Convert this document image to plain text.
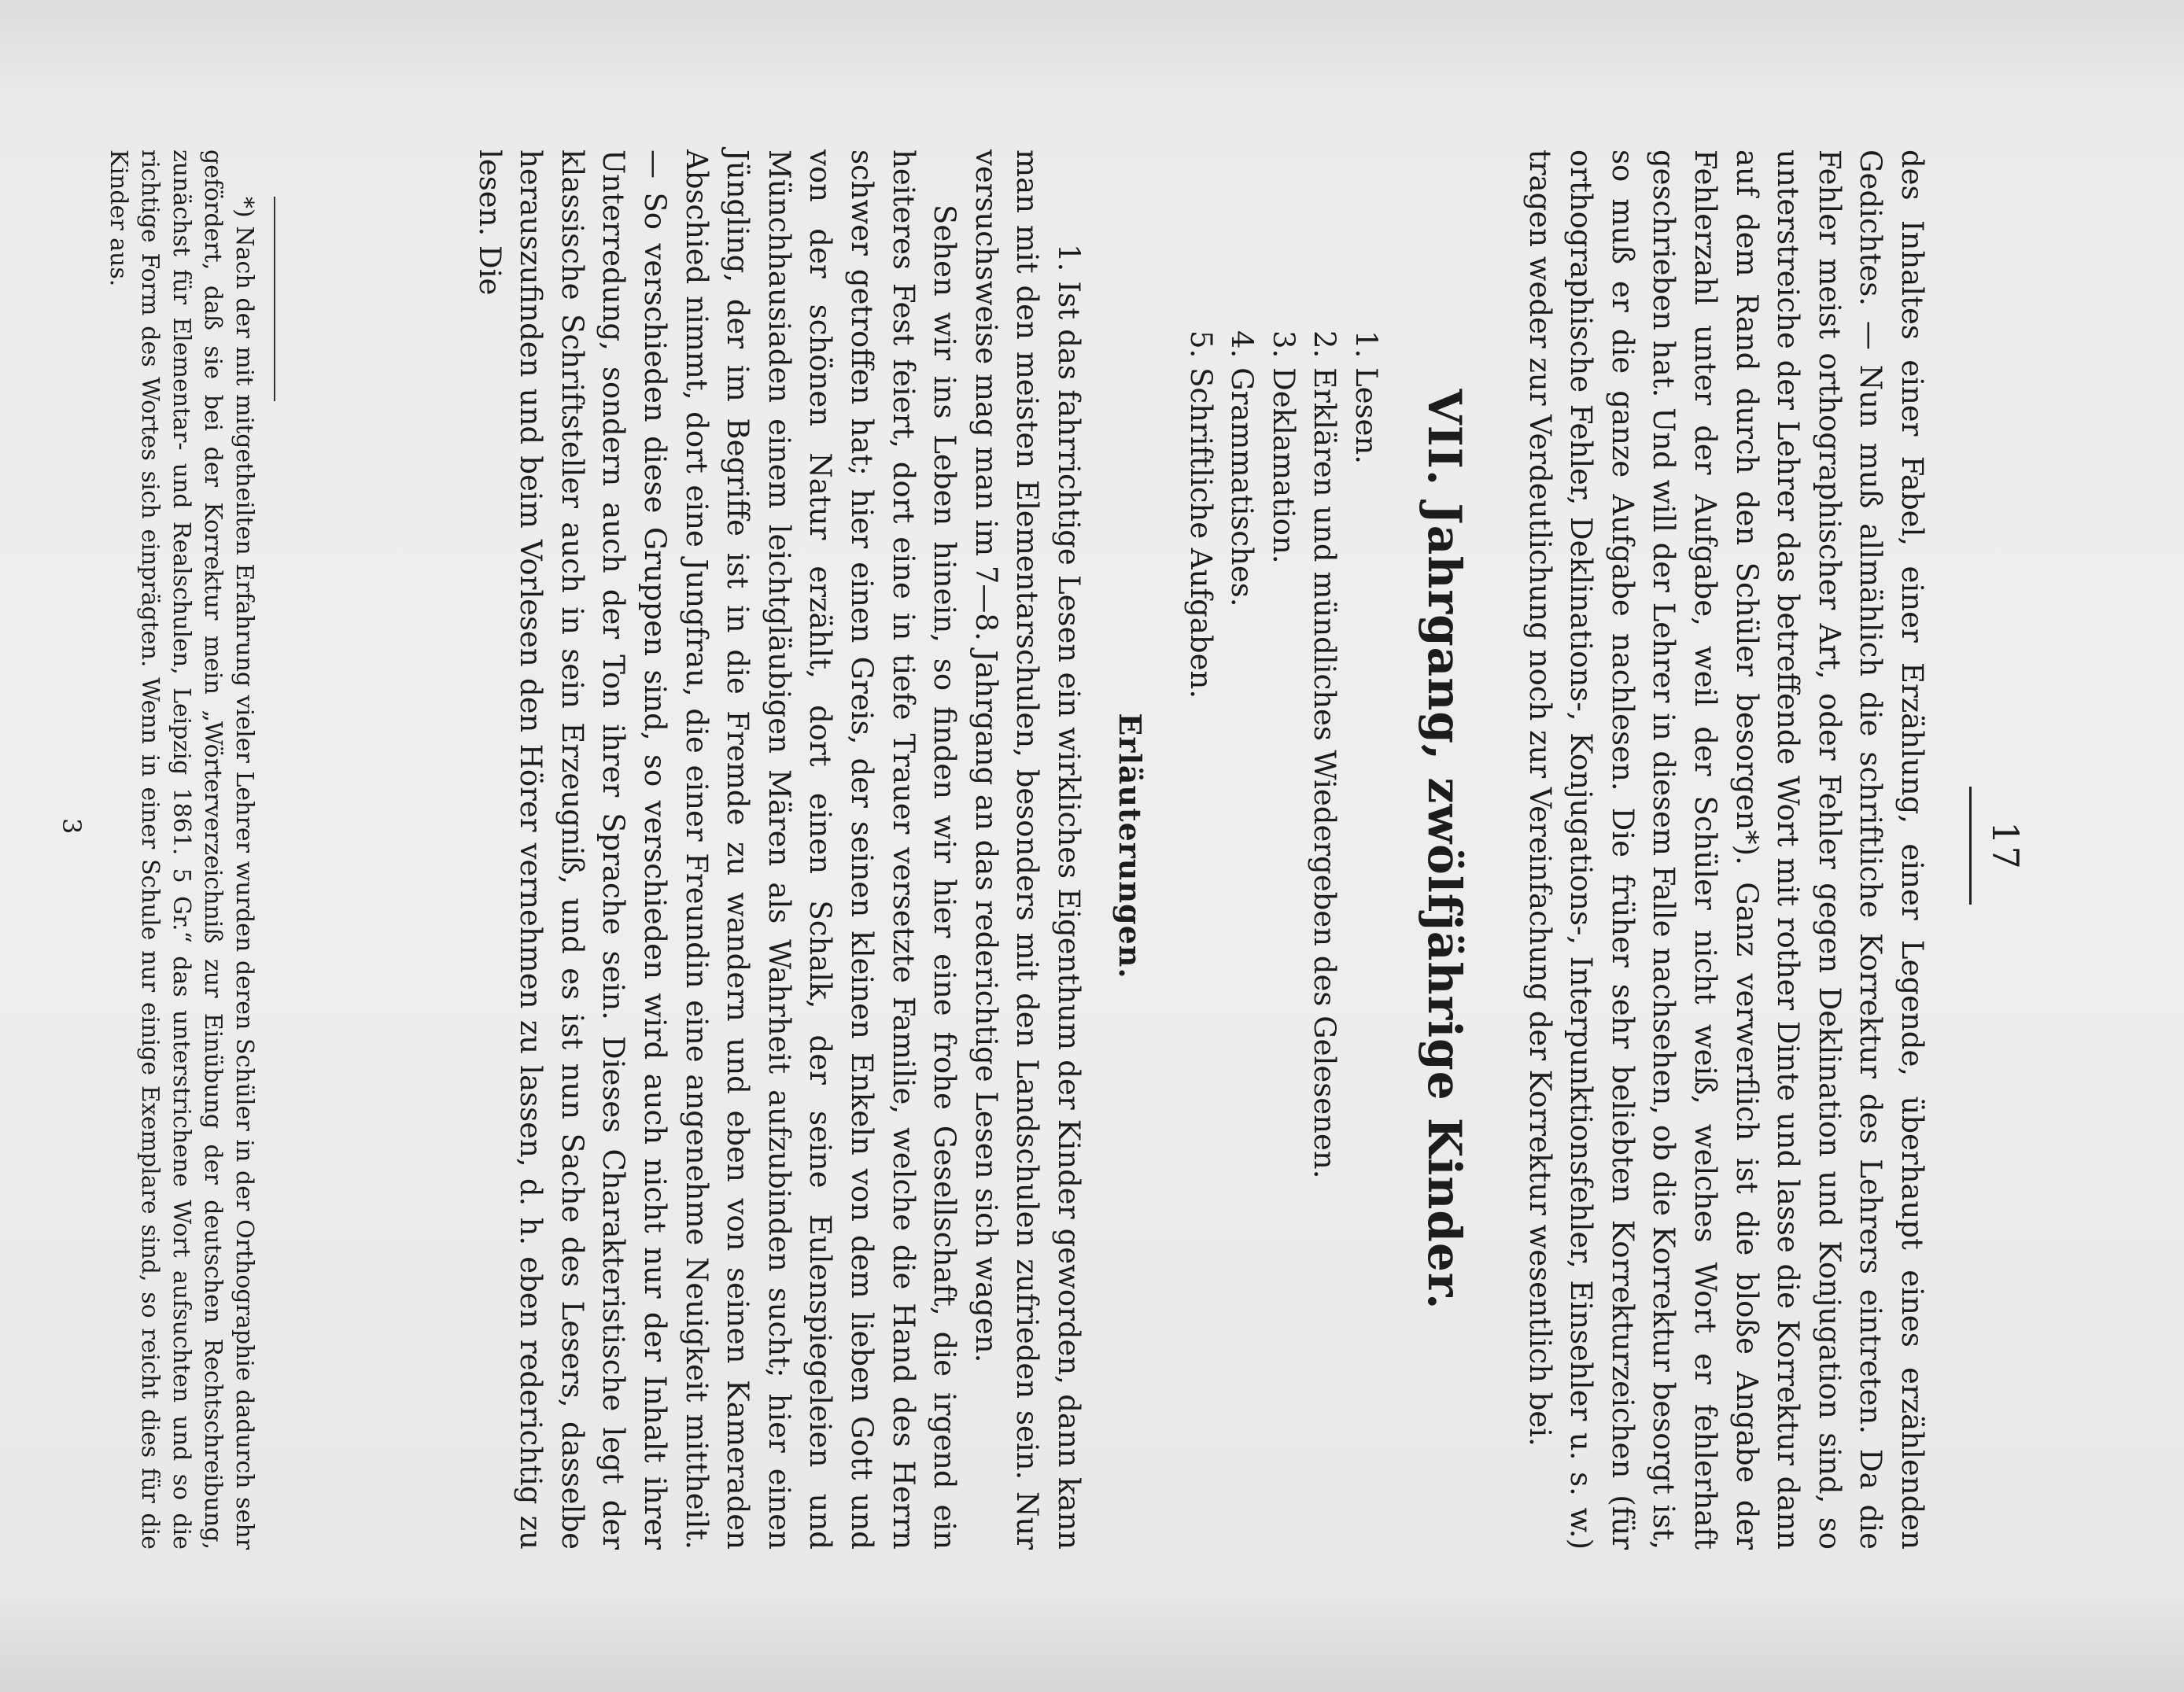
17
des Inhaltes einer Fabel, einer Erzählung, einer Legende, überhaupt eines erzählenden Gedichtes. — Nun muß allmählich die schriftliche Korrektur des Lehrers eintreten. Da die Fehler meist orthographischer Art, oder Fehler gegen Deklination und Konjugation sind, so unterstreiche der Lehrer das betreffende Wort mit rother Dinte und lasse die Korrektur dann auf dem Rand durch den Schüler besorgen*). Ganz verwerflich ist die bloße Angabe der Fehlerzahl unter der Aufgabe, weil der Schüler nicht weiß, welches Wort er fehlerhaft geschrieben hat. Und will der Lehrer in diesem Falle nachsehen, ob die Korrektur besorgt ist, so muß er die ganze Aufgabe nachlesen. Die früher sehr beliebten Korrekturzeichen (für orthographische Fehler, Deklinations-, Konjugations-, Interpunktionsfehler, Einsehler u. s. w.) tragen weder zur Verdeutlichung noch zur Vereinfachung der Korrektur wesentlich bei.
VII. Jahrgang, zwölfjährige Kinder.
1. Lesen.
2. Erklären und mündliches Wiedergeben des Gelesenen.
3. Deklamation.
4. Grammatisches.
5. Schriftliche Aufgaben.
Erläuterungen.

1. Ist das fahrrichtige Lesen ein wirkliches Eigenthum der Kinder geworden, dann kann man mit den meisten Elementarschulen, besonders mit den Landschulen zufrieden sein. Nur versuchsweise mag man im 7—8. Jahrgang an das rederichtige Lesen sich wagen.

Sehen wir ins Leben hinein, so finden wir hier eine frohe Gesellschaft, die irgend ein heiteres Fest feiert, dort eine in tiefe Trauer versetzte Familie, welche die Hand des Herrn schwer getroffen hat; hier einen Greis, der seinen kleinen Enkeln von dem lieben Gott und von der schönen Natur erzählt, dort einen Schalk, der seine Eulenspiegeleien und Münchhausiaden einem leichtgläubigen Mären als Wahrheit aufzubinden sucht; hier einen Jüngling, der im Begriffe ist in die Fremde zu wandern und eben von seinen Kameraden Abschied nimmt, dort eine Jungfrau, die einer Freundin eine angenehme Neuigkeit mittheilt. — So verschieden diese Gruppen sind, so verschieden wird auch nicht nur der Inhalt ihrer Unterredung, sondern auch der Ton ihrer Sprache sein. Dieses Charakteristische legt der klassische Schriftsteller auch in sein Erzeugniß, und es ist nun Sache des Lesers, dasselbe herauszufinden und beim Vorlesen den Hörer vernehmen zu lassen, d. h. eben rederichtig zu lesen. Die

*) Nach der mit mitgetheilten Erfahrung vieler Lehrer wurden deren Schüler in der Orthographie dadurch sehr gefördert, daß sie bei der Korrektur mein „Wörterverzeichniß zur Einübung der deutschen Rechtschreibung, zunächst für Elementar- und Realschulen, Leipzig 1861. 5 Gr.“ das unterstrichene Wort aufsuchten und so die richtige Form des Wortes sich einprägten. Wenn in einer Schule nur einige Exemplare sind, so reicht dies für die Kinder aus.
3
